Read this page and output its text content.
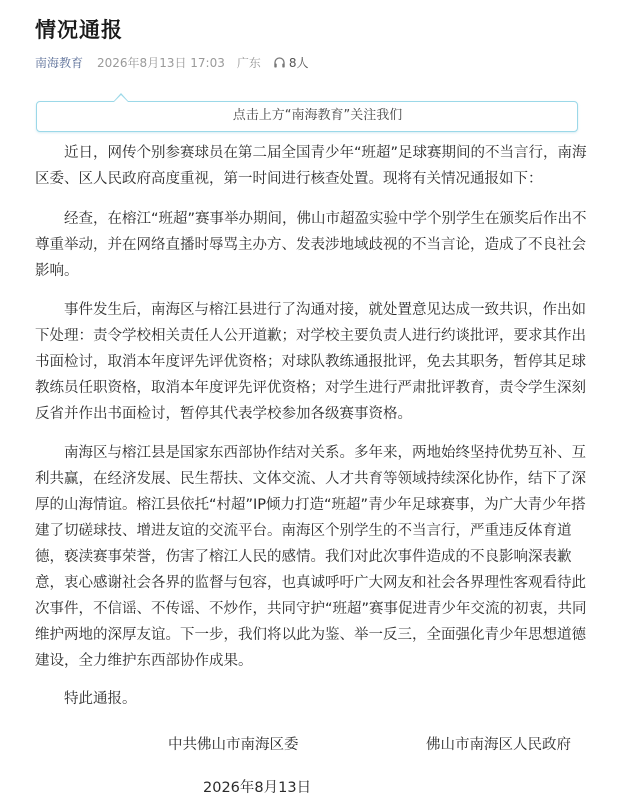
情况通报
南海教育 2026年8月13日 17:03 广东 8人
点击上方“南海教育”关注我们
近日，网传个别参赛球员在第二届全国青少年“班超”足球赛期间的不当言行，南海
区委、区人民政府高度重视，第一时间进行核查处置。现将有关情况通报如下：
经查，在榕江“班超”赛事举办期间，佛山市超盈实验中学个别学生在颁奖后作出不
尊重举动，并在网络直播时辱骂主办方、发表涉地域歧视的不当言论，造成了不良社会
影响。
事件发生后，南海区与榕江县进行了沟通对接，就处置意见达成一致共识，作出如
下处理：责令学校相关责任人公开道歉；对学校主要负责人进行约谈批评，要求其作出
书面检讨，取消本年度评先评优资格；对球队教练通报批评，免去其职务，暂停其足球
教练员任职资格，取消本年度评先评优资格；对学生进行严肃批评教育，责令学生深刻
反省并作出书面检讨，暂停其代表学校参加各级赛事资格。
南海区与榕江县是国家东西部协作结对关系。多年来，两地始终坚持优势互补、互
利共赢，在经济发展、民生帮扶、文体交流、人才共育等领域持续深化协作，结下了深
厚的山海情谊。榕江县依托“村超”IP倾力打造“班超”青少年足球赛事，为广大青少年搭
建了切磋球技、增进友谊的交流平台。南海区个别学生的不当言行，严重违反体育道
德，亵渎赛事荣誉，伤害了榕江人民的感情。我们对此次事件造成的不良影响深表歉
意，衷心感谢社会各界的监督与包容，也真诚呼吁广大网友和社会各界理性客观看待此
次事件，不信谣、不传谣、不炒作，共同守护“班超”赛事促进青少年交流的初衷，共同
维护两地的深厚友谊。下一步，我们将以此为鉴、举一反三，全面强化青少年思想道德
建设，全力维护东西部协作成果。
特此通报。
中共佛山市南海区委	佛山市南海区人民政府
2026年8月13日
